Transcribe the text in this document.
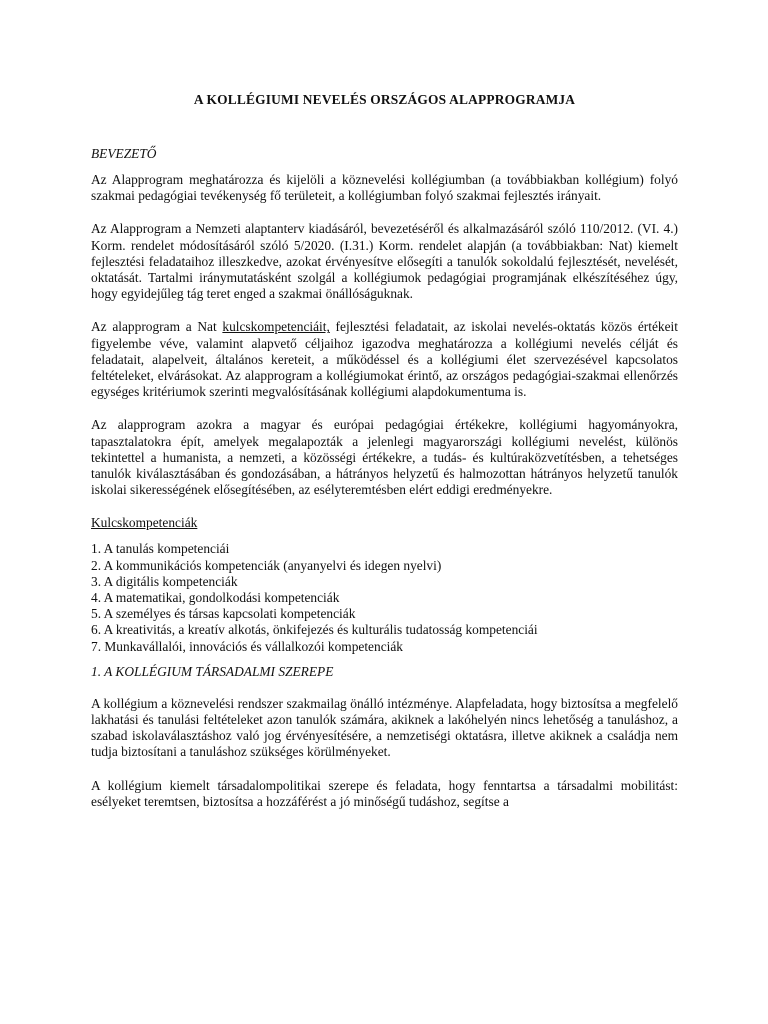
A KOLLÉGIUMI NEVELÉS ORSZÁGOS ALAPPROGRAMJA
BEVEZETŐ

Az Alapprogram meghatározza és kijelöli a köznevelési kollégiumban (a továbbiakban kollégium) folyó szakmai pedagógiai tevékenység fő területeit, a kollégiumban folyó szakmai fejlesztés irányait.

Az Alapprogram a Nemzeti alaptanterv kiadásáról, bevezetéséről és alkalmazásáról szóló 110/2012. (VI. 4.) Korm. rendelet módosításáról szóló 5/2020. (I.31.) Korm. rendelet alapján (a továbbiakban: Nat) kiemelt fejlesztési feladataihoz illeszkedve, azokat érvényesítve elősegíti a tanulók sokoldalú fejlesztését, nevelését, oktatását. Tartalmi iránymutatásként szolgál a kollégiumok pedagógiai programjának elkészítéséhez úgy, hogy egyidejűleg tág teret enged a szakmai önállóságuknak.

Az alapprogram a Nat kulcskompetenciáit, fejlesztési feladatait, az iskolai nevelés-oktatás közös értékeit figyelembe véve, valamint alapvető céljaihoz igazodva meghatározza a kollégiumi nevelés célját és feladatait, alapelveit, általános kereteit, a működéssel és a kollégiumi élet szervezésével kapcsolatos feltételeket, elvárásokat. Az alapprogram a kollégiumokat érintő, az országos pedagógiai-szakmai ellenőrzés egységes kritériumok szerinti megvalósításának kollégiumi alapdokumentuma is.

Az alapprogram azokra a magyar és európai pedagógiai értékekre, kollégiumi hagyományokra, tapasztalatokra épít, amelyek megalapozták a jelenlegi magyarországi kollégiumi nevelést, különös tekintettel a humanista, a nemzeti, a közösségi értékekre, a tudás- és kultúraközvetítésben, a tehetséges tanulók kiválasztásában és gondozásában, a hátrányos helyzetű és halmozottan hátrányos helyzetű tanulók iskolai sikerességének elősegítésében, az esélyteremtésben elért eddigi eredményekre.

Kulcskompetenciák
1. A tanulás kompetenciái
2. A kommunikációs kompetenciák (anyanyelvi és idegen nyelvi)
3. A digitális kompetenciák
4. A matematikai, gondolkodási kompetenciák
5. A személyes és társas kapcsolati kompetenciák
6. A kreativitás, a kreatív alkotás, önkifejezés és kulturális tudatosság kompetenciái
7. Munkavállalói, innovációs és vállalkozói kompetenciák
1. A KOLLÉGIUM TÁRSADALMI SZEREPE

A kollégium a köznevelési rendszer szakmailag önálló intézménye. Alapfeladata, hogy biztosítsa a megfelelő lakhatási és tanulási feltételeket azon tanulók számára, akiknek a lakóhelyén nincs lehetőség a tanuláshoz, a szabad iskolaválasztáshoz való jog érvényesítésére, a nemzetiségi oktatásra, illetve akiknek a családja nem tudja biztosítani a tanuláshoz szükséges körülményeket.

A kollégium kiemelt társadalompolitikai szerepe és feladata, hogy fenntartsa a társadalmi mobilitást: esélyeket teremtsen, biztosítsa a hozzáférést a jó minőségű tudáshoz, segítse a
